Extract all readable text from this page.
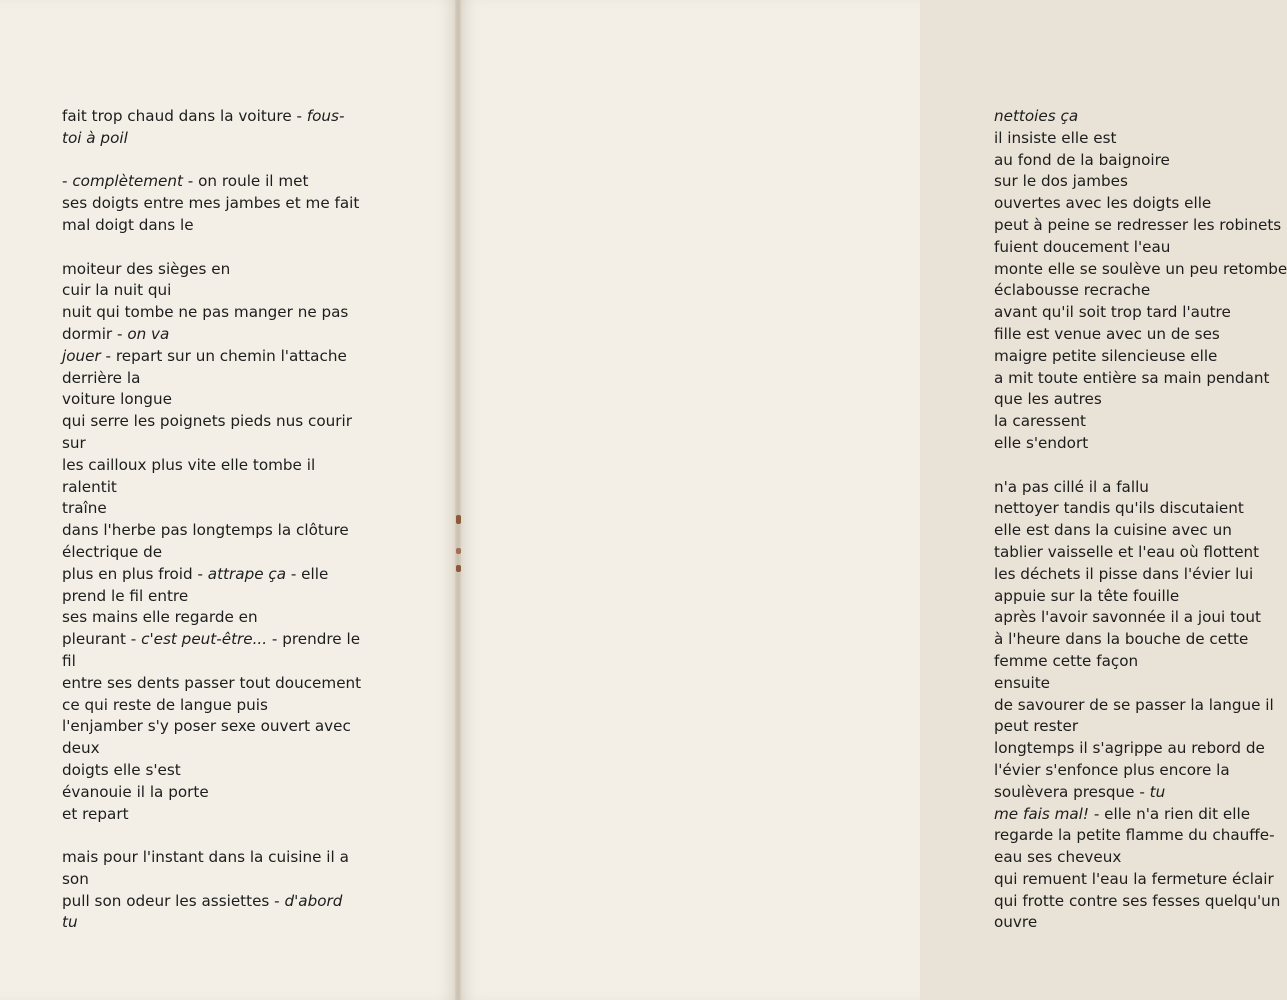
fait trop chaud dans la voiture - fous-
toi à poil
- complètement - on roule il met
ses doigts entre mes jambes et me fait
mal doigt dans le
moiteur des sièges en
cuir la nuit qui
nuit qui tombe ne pas manger ne pas
dormir - on va
jouer - repart sur un chemin l'attache
derrière la
voiture longue
qui serre les poignets pieds nus courir
sur
les cailloux plus vite elle tombe il
ralentit
traîne
dans l'herbe pas longtemps la clôture
électrique de
plus en plus froid - attrape ça - elle
prend le fil entre
ses mains elle regarde en
pleurant - c'est peut-être... - prendre le
fil
entre ses dents passer tout doucement
ce qui reste de langue puis
l'enjamber s'y poser sexe ouvert avec
deux
doigts elle s'est
évanouie il la porte
et repart
mais pour l'instant dans la cuisine il a
son
pull son odeur les assiettes - d'abord
tu
nettoies ça
il insiste elle est
au fond de la baignoire
sur le dos jambes
ouvertes avec les doigts elle
peut à peine se redresser les robinets
fuient doucement l'eau
monte elle se soulève un peu retombe
éclabousse recrache
avant qu'il soit trop tard l'autre
fille est venue avec un de ses
maigre petite silencieuse elle
a mit toute entière sa main pendant
que les autres
la caressent
elle s'endort
n'a pas cillé il a fallu
nettoyer tandis qu'ils discutaient
elle est dans la cuisine avec un
tablier vaisselle et l'eau où flottent
les déchets il pisse dans l'évier lui
appuie sur la tête fouille
après l'avoir savonnée il a joui tout
à l'heure dans la bouche de cette
femme cette façon
ensuite
de savourer de se passer la langue il
peut rester
longtemps il s'agrippe au rebord de
l'évier s'enfonce plus encore la
soulèvera presque - tu
me fais mal! - elle n'a rien dit elle
regarde la petite flamme du chauffe-
eau ses cheveux
qui remuent l'eau la fermeture éclair
qui frotte contre ses fesses quelqu'un
ouvre
